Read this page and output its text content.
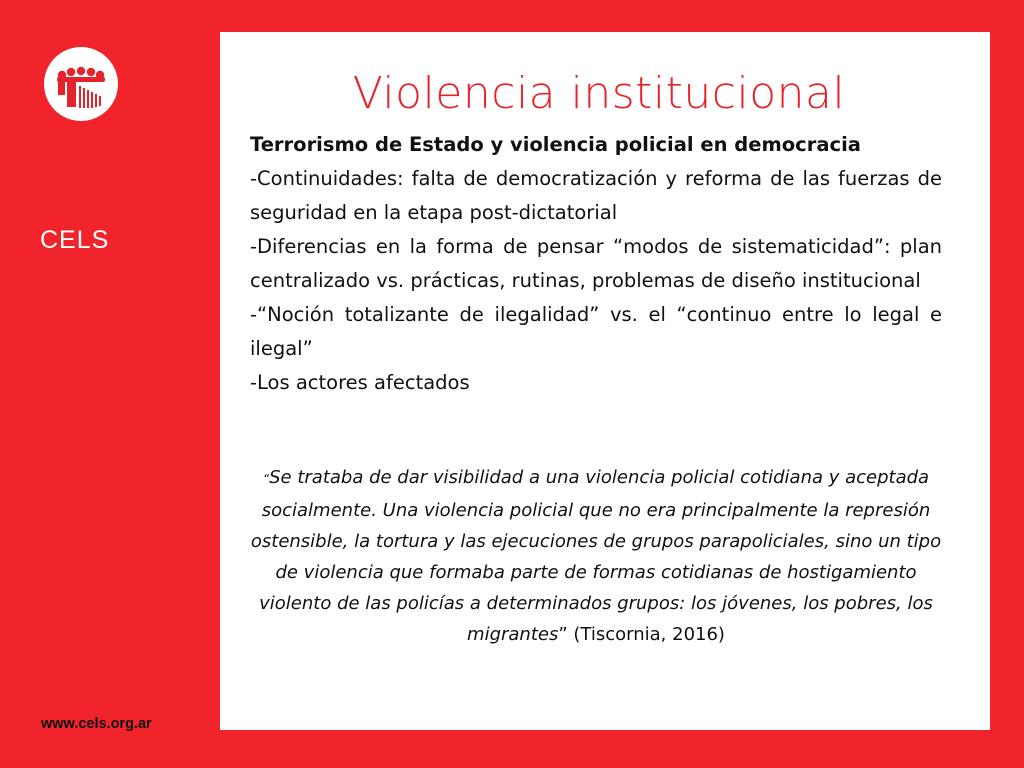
CELS
www.cels.org.ar
Violencia institucional

Terrorismo de Estado y violencia policial en democracia

-Continuidades: falta de democratización y reforma de las fuerzas de seguridad en la etapa post-dictatorial

-Diferencias en la forma de pensar “modos de sistematicidad”: plan centralizado vs. prácticas, rutinas, problemas de diseño institucional

-“Noción totalizante de ilegalidad” vs. el “continuo entre lo legal e ilegal”

-Los actores afectados

“Se trataba de dar visibilidad a una violencia policial cotidiana y aceptada socialmente. Una violencia policial que no era principalmente la represión ostensible, la tortura y las ejecuciones de grupos parapoliciales, sino un tipo de violencia que formaba parte de formas cotidianas de hostigamiento violento de las policías a determinados grupos: los jóvenes, los pobres, los migrantes” (Tiscornia, 2016)
